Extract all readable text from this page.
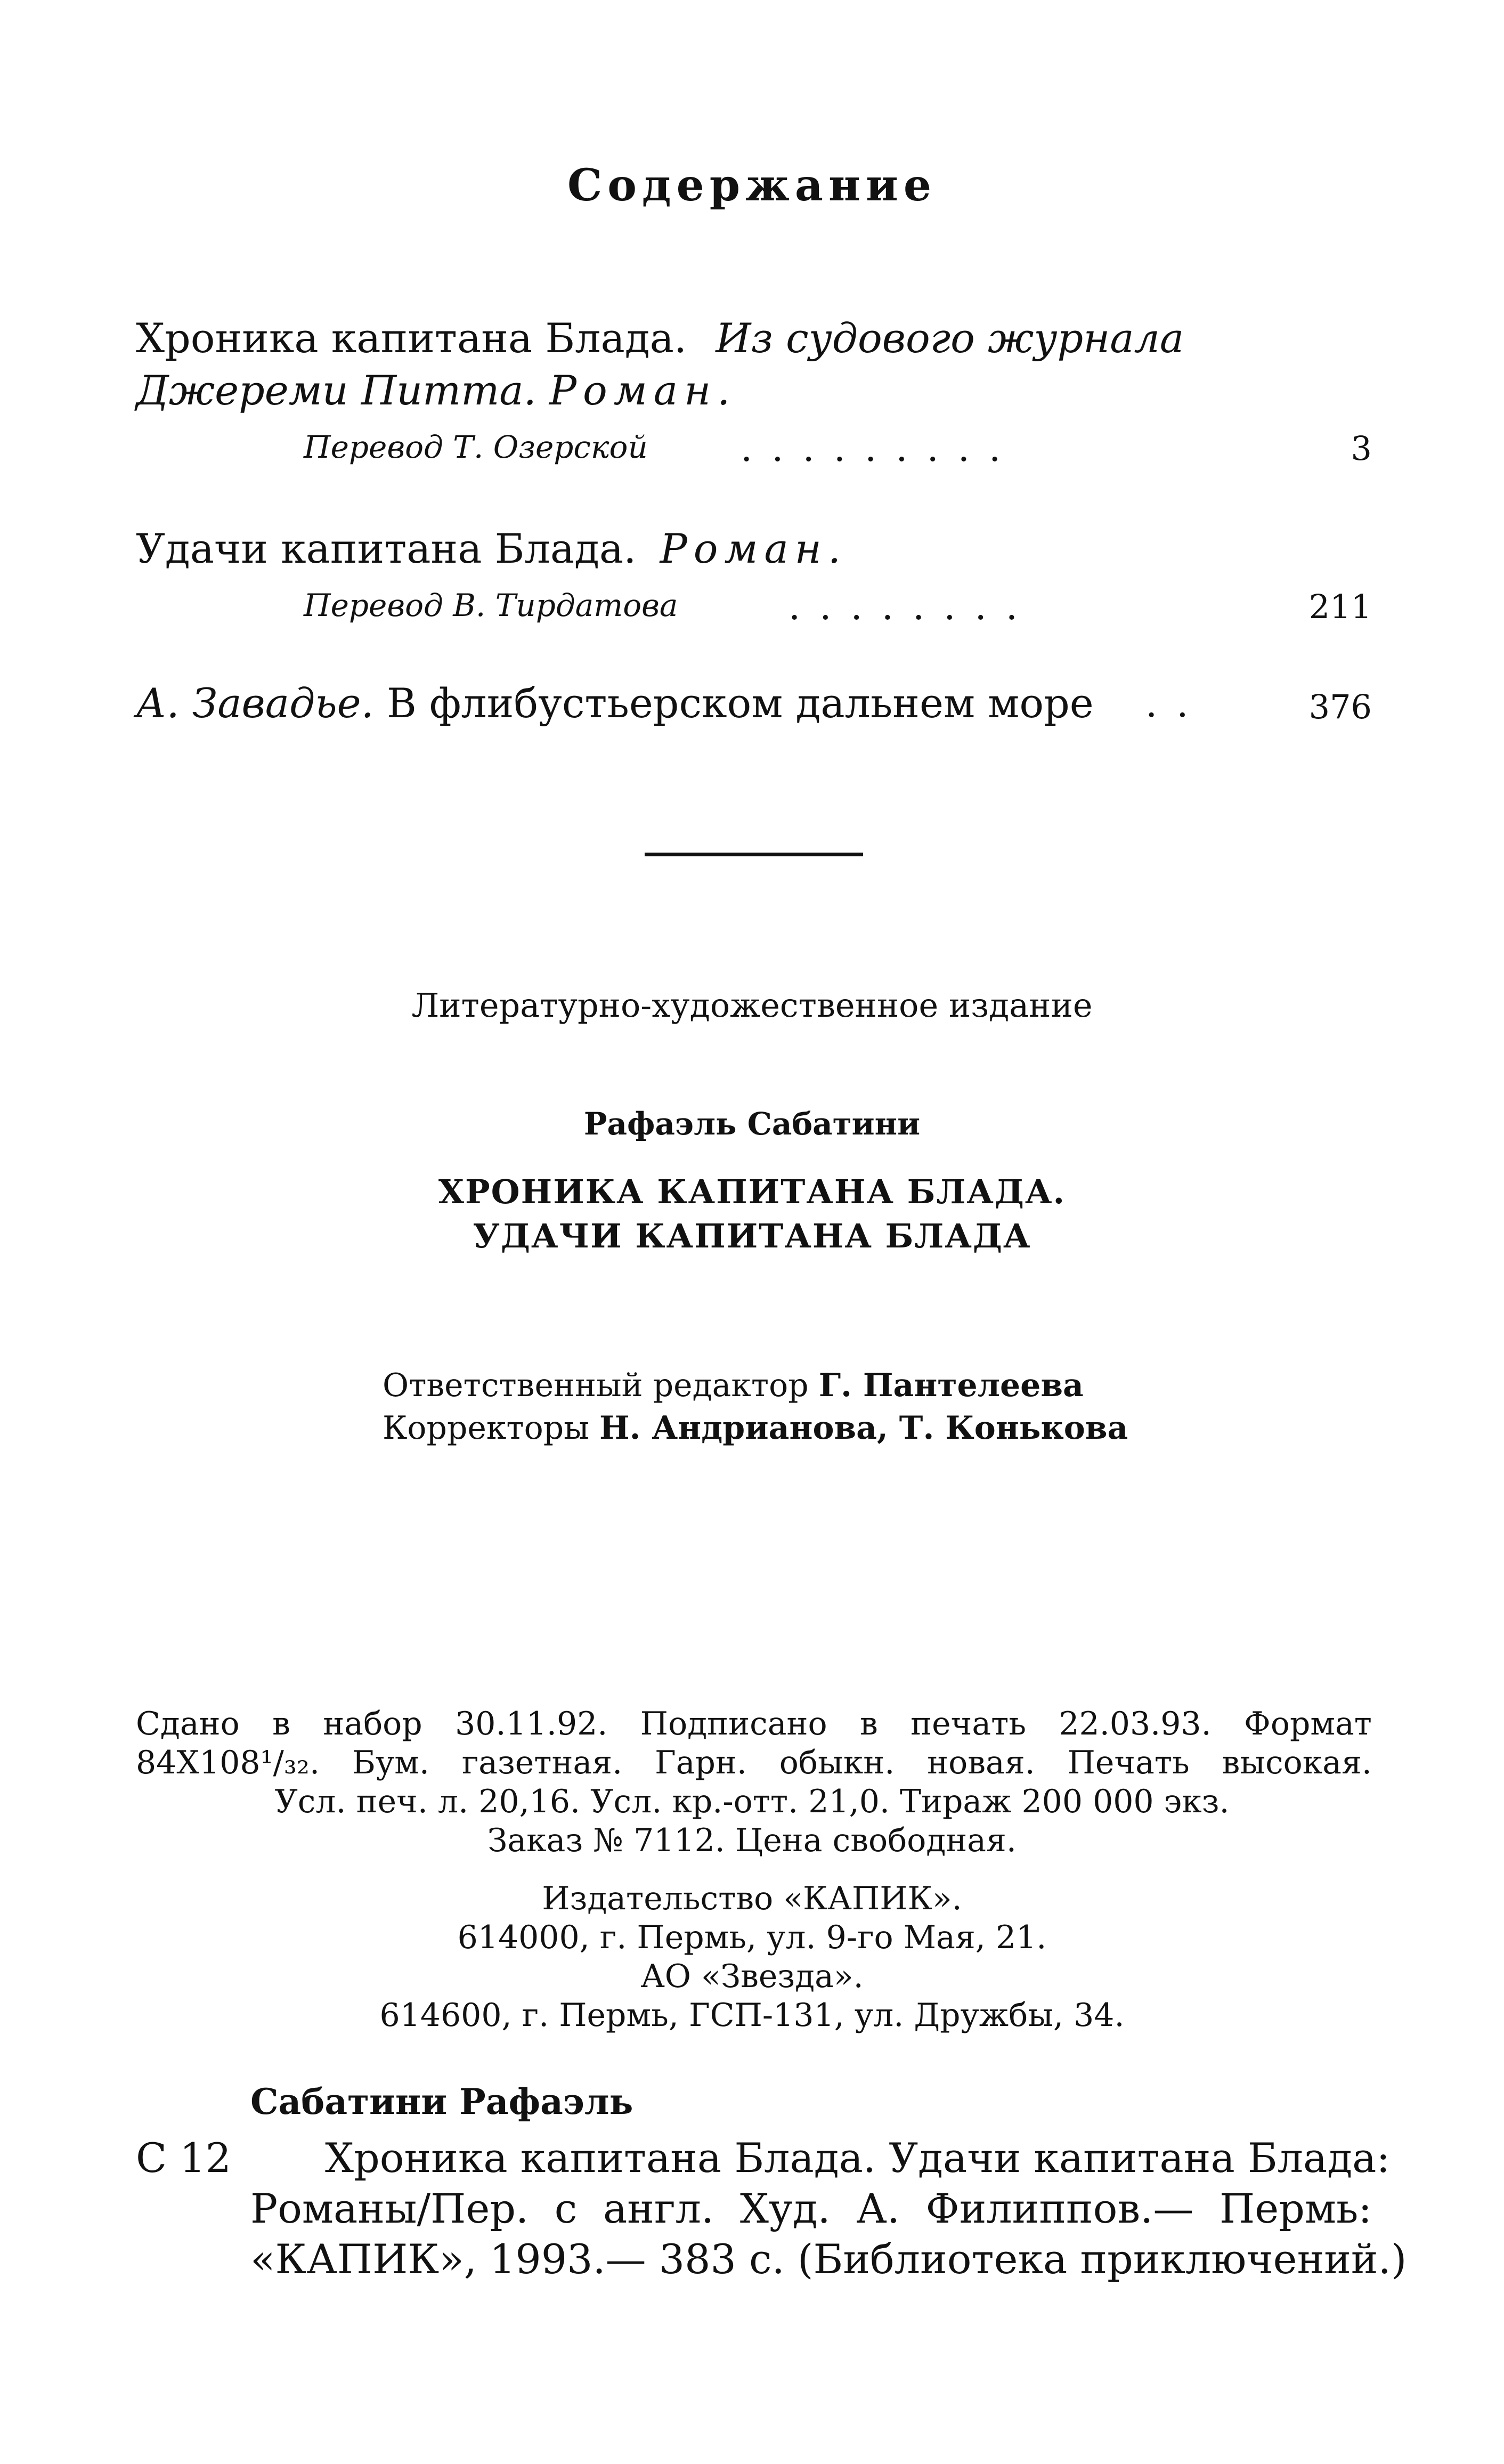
Содержание
Хроника капитана Блада. Из судового журнала
Джереми Питта. Роман.
Перевод Т. Озерской .........	3
Удачи капитана Блада. Роман.
Перевод В. Тирдатова	........	211
А. Завадье. В флибустьерском дальнем море	..	376
Литературно-художественное издание
Рафаэль Сабатини
ХРОНИКА КАПИТАНА БЛАДА.
УДАЧИ КАПИТАНА БЛАДА
Ответственный редактор Г. Пантелеева
Корректоры Н. Андрианова, Т. Конькова
Сдано в набор 30.11.92. Подписано в печать 22.03.93. Формат
84Х108¹/₃₂. Бум. газетная. Гарн. обыкн. новая. Печать высокая.
Усл. печ. л. 20,16. Усл. кр.-отт. 21,0. Тираж 200 000 экз.
Заказ № 7112. Цена свободная.
Издательство «КАПИК».
614000, г. Пермь, ул. 9-го Мая, 21.
АО «Звезда».
614600, г. Пермь, ГСП-131, ул. Дружбы, 34.
Сабатини Рафаэль
С 12 Хроника капитана Блада. Удачи капитана Блада:
Романы/Пер. с англ. Худ. А. Филиппов.— Пермь:
«КАПИК», 1993.— 383 с. (Библиотека приключений.)
